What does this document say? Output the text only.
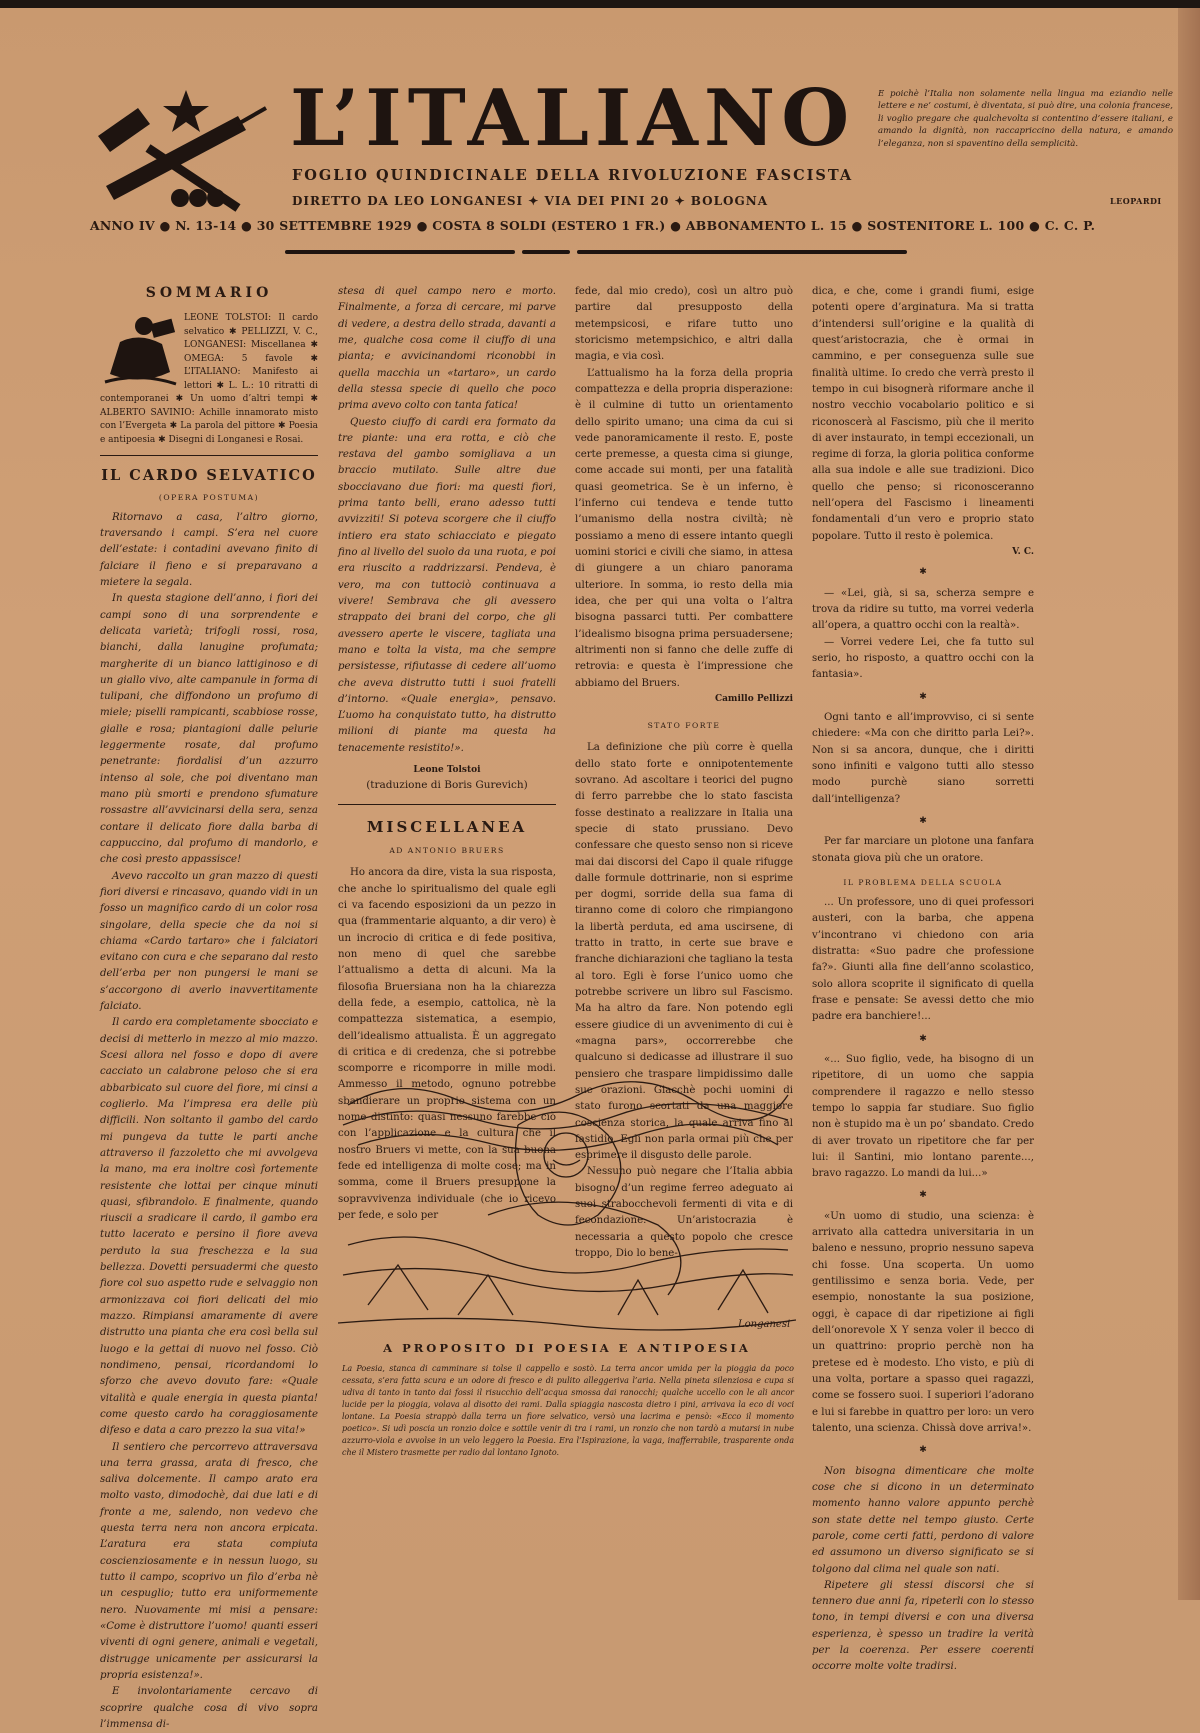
L’ITALIANO
FOGLIO QUINDICINALE DELLA RIVOLUZIONE FASCISTA
DIRETTO DA LEO LONGANESI ✦ VIA DEI PINI 20 ✦ BOLOGNA
E poichè l’Italia non solamente nella lingua ma eziandio nelle lettere e ne’ costumi, è diventata, si può dire, una colonia francese, li voglio pregare che qualchevolta si contentino d’essere italiani, e amando la dignità, non raccapriccino della natura, e amando l’eleganza, non si spaventino della semplicità.
LEOPARDI
ANNO IV ● N. 13-14 ● 30 SETTEMBRE 1929 ● COSTA 8 SOLDI (ESTERO 1 FR.) ● ABBONAMENTO L. 15 ● SOSTENITORE L. 100 ● C. C. P.
SOMMARIO
LEONE TOLSTOI: Il cardo selvatico ✱ PELLIZZI, V. C., LONGANESI: Miscellanea ✱ OMEGA: 5 favole ✱ L’ITALIANO: Manifesto ai lettori ✱ L. L.: 10 ritratti di contemporanei ✱ Un uomo d’altri tempi ✱ ALBERTO SAVINIO: Achille innamorato misto con l’Evergeta ✱ La parola del pittore ✱ Poesia e antipoesia ✱ Disegni di Longanesi e Rosai.
IL CARDO SELVATICO
(OPERA POSTUMA)

Ritornavo a casa, l’altro giorno, traversando i campi. S’era nel cuore dell’estate: i contadini avevano finito di falciare il fieno e si preparavano a mietere la segala.

In questa stagione dell’anno, i fiori dei campi sono di una sorprendente e delicata varietà; trifogli rossi, rosa, bianchi, dalla lanugine profumata; margherite di un bianco lattiginoso e di un giallo vivo, alte campanule in forma di tulipani, che diffondono un profumo di miele; piselli rampicanti, scabbiose rosse, gialle e rosa; piantagioni dalle pelurie leggermente rosate, dal profumo penetrante: fiordalisi d’un azzurro intenso al sole, che poi diventano man mano più smorti e prendono sfumature rossastre all’avvicinarsi della sera, senza contare il delicato fiore dalla barba di cappuccino, dal profumo di mandorlo, e che così presto appassisce!

Avevo raccolto un gran mazzo di questi fiori diversi e rincasavo, quando vidi in un fosso un magnifico cardo di un color rosa singolare, della specie che da noi si chiama «Cardo tartaro» che i falciatori evitano con cura e che separano dal resto dell’erba per non pungersi le mani se s’accorgono di averlo inavvertitamente falciato.

Il cardo era completamente sbocciato e decisi di metterlo in mezzo al mio mazzo. Scesi allora nel fosso e dopo di avere cacciato un calabrone peloso che si era abbarbicato sul cuore del fiore, mi cinsi a coglierlo. Ma l’impresa era delle più difficili. Non soltanto il gambo del cardo mi pungeva da tutte le parti anche attraverso il fazzoletto che mi avvolgeva la mano, ma era inoltre così fortemente resistente che lottai per cinque minuti quasi, sfibrandolo. E finalmente, quando riuscii a sradicare il cardo, il gambo era tutto lacerato e persino il fiore aveva perduto la sua freschezza e la sua bellezza. Dovetti persuadermi che questo fiore col suo aspetto rude e selvaggio non armonizzava coi fiori delicati del mio mazzo. Rimpiansi amaramente di avere distrutto una pianta che era così bella sul luogo e la gettai di nuovo nel fosso. Ciò nondimeno, pensai, ricordandomi lo sforzo che avevo dovuto fare: «Quale vitalità e quale energia in questa pianta! come questo cardo ha coraggiosamente difeso e data a caro prezzo la sua vita!»

Il sentiero che percorrevo attraversava una terra grassa, arata di fresco, che saliva dolcemente. Il campo arato era molto vasto, dimodochè, dai due lati e di fronte a me, salendo, non vedevo che questa terra nera non ancora erpicata. L’aratura era stata compiuta coscienziosamente e in nessun luogo, su tutto il campo, scoprivo un filo d’erba nè un cespuglio; tutto era uniformemente nero. Nuovamente mi misi a pensare: «Come è distruttore l’uomo! quanti esseri viventi di ogni genere, animali e vegetali, distrugge unicamente per assicurarsi la propria esistenza!».

E involontariamente cercavo di scoprire qualche cosa di vivo sopra l’immensa di-

stesa di quel campo nero e morto. Finalmente, a forza di cercare, mi parve di vedere, a destra dello strada, davanti a me, qualche cosa come il ciuffo di una pianta; e avvicinandomi riconobbi in quella macchia un «tartaro», un cardo della stessa specie di quello che poco prima avevo colto con tanta fatica!

Questo ciuffo di cardi era formato da tre piante: una era rotta, e ciò che restava del gambo somigliava a un braccio mutilato. Sulle altre due sbocciavano due fiori: ma questi fiori, prima tanto belli, erano adesso tutti avvizziti! Si poteva scorgere che il ciuffo intiero era stato schiacciato e piegato fino al livello del suolo da una ruota, e poi era riuscito a raddrizzarsi. Pendeva, è vero, ma con tuttociò continuava a vivere! Sembrava che gli avessero strappato dei brani del corpo, che gli avessero aperte le viscere, tagliata una mano e tolta la vista, ma che sempre persistesse, rifiutasse di cedere all’uomo che aveva distrutto tutti i suoi fratelli d’intorno. «Quale energia», pensavo. L’uomo ha conquistato tutto, ha distrutto milioni di piante ma questa ha tenacemente resistito!».

Leone Tolstoi
(traduzione di Boris Gurevich)
MISCELLANEA
AD ANTONIO BRUERS

Ho ancora da dire, vista la sua risposta, che anche lo spiritualismo del quale egli ci va facendo esposizioni da un pezzo in qua (frammentarie alquanto, a dir vero) è un incrocio di critica e di fede positiva, non meno di quel che sarebbe l’attualismo a detta di alcuni. Ma la filosofia Bruersiana non ha la chiarezza della fede, a esempio, cattolica, nè la compattezza sistematica, a esempio, dell’idealismo attualista. È un aggregato di critica e di credenza, che si potrebbe scomporre e ricomporre in mille modi. Ammesso il metodo, ognuno potrebbe sbandierare un proprio sistema con un nome distinto: quasi nessuno farebbe ciò con l’applicazione e la cultura che il nostro Bruers vi mette, con la sua buona fede ed intelligenza di molte cose; ma in somma, come il Bruers presuppone la sopravvivenza individuale (che io ricevo per fede, e solo per

fede, dal mio credo), così un altro può partire dal presupposto della metempsicosi, e rifare tutto uno storicismo metempsichico, e altri dalla magia, e via così.

L’attualismo ha la forza della propria compattezza e della propria disperazione: è il culmine di tutto un orientamento dello spirito umano; una cima da cui si vede panoramicamente il resto. E, poste certe premesse, a questa cima si giunge, come accade sui monti, per una fatalità quasi geometrica. Se è un inferno, è l’inferno cui tendeva e tende tutto l’umanismo della nostra civiltà; nè possiamo a meno di essere intanto quegli uomini storici e civili che siamo, in attesa di giungere a un chiaro panorama ulteriore. In somma, io resto della mia idea, che per qui una volta o l’altra bisogna passarci tutti. Per combattere l’idealismo bisogna prima persuadersene; altrimenti non si fanno che delle zuffe di retrovia: e questa è l’impressione che abbiamo del Bruers.

Camillo Pellizzi
STATO FORTE

La definizione che più corre è quella dello stato forte e onnipotentemente sovrano. Ad ascoltare i teorici del pugno di ferro parrebbe che lo stato fascista fosse destinato a realizzare in Italia una specie di stato prussiano. Devo confessare che questo senso non si riceve mai dai discorsi del Capo il quale rifugge dalle formule dottrinarie, non si esprime per dogmi, sorride della sua fama di tiranno come di coloro che rimpiangono la libertà perduta, ed ama uscirsene, di tratto in tratto, in certe sue brave e franche dichiarazioni che tagliano la testa al toro. Egli è forse l’unico uomo che potrebbe scrivere un libro sul Fascismo. Ma ha altro da fare. Non potendo egli essere giudice di un avvenimento di cui è «magna pars», occorrerebbe che qualcuno si dedicasse ad illustrare il suo pensiero che traspare limpidissimo dalle sue orazioni. Giacchè pochi uomini di stato furono scortati da una maggiore coscienza storica, la quale arriva fino al fastidio. Egli non parla ormai più che per esprimere il disgusto delle parole.

Nessuno può negare che l’Italia abbia bisogno d’un regime ferreo adeguato ai suoi strabocchevoli fermenti di vita e di fecondazione. Un’aristocrazia è necessaria a questo popolo che cresce troppo, Dio lo bene-

dica, e che, come i grandi fiumi, esige potenti opere d’arginatura. Ma si tratta d’intendersi sull’origine e la qualità di quest’aristocrazia, che è ormai in cammino, e per conseguenza sulle sue finalità ultime. Io credo che verrà presto il tempo in cui bisognerà riformare anche il nostro vecchio vocabolario politico e si riconoscerà al Fascismo, più che il merito di aver instaurato, in tempi eccezionali, un regime di forza, la gloria politica conforme alla sua indole e alle sue tradizioni. Dico quello che penso; si riconosceranno nell’opera del Fascismo i lineamenti fondamentali d’un vero e proprio stato popolare. Tutto il resto è polemica.

V. C.
✱

— «Lei, già, si sa, scherza sempre e trova da ridire su tutto, ma vorrei vederla all’opera, a quattro occhi con la realtà».

— Vorrei vedere Lei, che fa tutto sul serio, ho risposto, a quattro occhi con la fantasia».

✱

Ogni tanto e all’improvviso, ci si sente chiedere: «Ma con che diritto parla Lei?». Non si sa ancora, dunque, che i diritti sono infiniti e valgono tutti allo stesso modo purchè siano sorretti dall’intelligenza?

✱

Per far marciare un plotone una fanfara stonata giova più che un oratore.

IL PROBLEMA DELLA SCUOLA

... Un professore, uno di quei professori austeri, con la barba, che appena v’incontrano vi chiedono con aria distratta: «Suo padre che professione fa?». Giunti alla fine dell’anno scolastico, solo allora scoprite il significato di quella frase e pensate: Se avessi detto che mio padre era banchiere!...

✱

«... Suo figlio, vede, ha bisogno di un ripetitore, di un uomo che sappia comprendere il ragazzo e nello stesso tempo lo sappia far studiare. Suo figlio non è stupido ma è un po’ sbandato. Credo di aver trovato un ripetitore che far per lui: il Santini, mio lontano parente..., bravo ragazzo. Lo mandi da lui...»

✱

«Un uomo di studio, una scienza: è arrivato alla cattedra universitaria in un baleno e nessuno, proprio nessuno sapeva chi fosse. Una scoperta. Un uomo gentilissimo e senza boria. Vede, per esempio, nonostante la sua posizione, oggi, è capace di dar ripetizione ai figli dell’onorevole X Y senza voler il becco di un quattrino: proprio perchè non ha pretese ed è modesto. L’ho visto, e più di una volta, portare a spasso quei ragazzi, come se fossero suoi. I superiori l’adorano e lui si farebbe in quattro per loro: un vero talento, una scienza. Chissà dove arriva!».

✱

Non bisogna dimenticare che molte cose che si dicono in un determinato momento hanno valore appunto perchè son state dette nel tempo giusto. Certe parole, come certi fatti, perdono di valore ed assumono un diverso significato se si tolgono dal clima nel quale son nati.

Ripetere gli stessi discorsi che si tennero due anni fa, ripeterli con lo stesso tono, in tempi diversi e con una diversa esperienza, è spesso un tradire la verità per la coerenza. Per essere coerenti occorre molte volte tradirsi.

Longanesi
A PROPOSITO DI POESIA E ANTIPOESIA
La Poesia, stanca di camminare si tolse il cappello e sostò. La terra ancor umida per la pioggia da poco cessata, s’era fatta scura e un odore di fresco e di pulito alleggeriva l’aria. Nella pineta silenziosa e cupa si udiva di tanto in tanto dai fossi il risucchio dell’acqua smossa dai ranocchi; qualche uccello con le ali ancor lucide per la pioggia, volava al disotto dei rami. Dalla spiaggia nascosta dietro i pini, arrivava la eco di voci lontane. La Poesia strappò dalla terra un fiore selvatico, versò una lacrima e pensò: «Ecco il momento poetico». Si udì poscia un ronzio dolce e sottile venir di tra i rami, un ronzio che non tardò a mutarsi in nube azzurro-viola e avvolse in un velo leggero la Poesia. Era l’Ispirazione, la vaga, inafferrabile, trasparente onda che il Mistero trasmette per radio dal lontano Ignoto.
